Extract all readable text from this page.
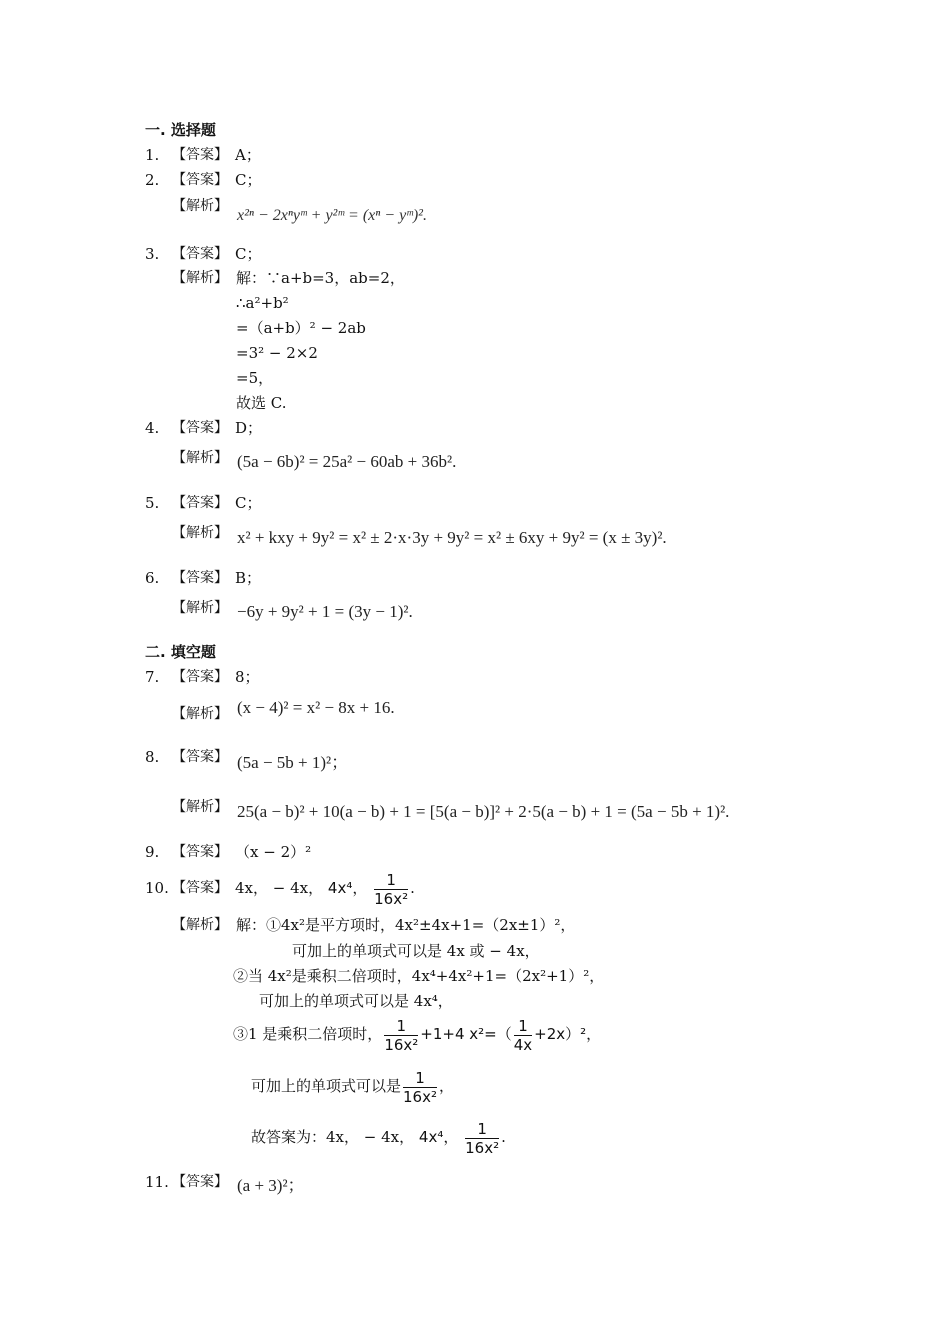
一. 选择题
1. 【答案】 A；
2. 【答案】 C；
【解析】
x²ⁿ − 2xⁿyᵐ + y²ᵐ = (xⁿ − yᵐ)².
3. 【答案】 C；
【解析】 解：∵a+b=3，ab=2，
∴a²+b²
=（a+b）² − 2ab
=3² − 2×2
=5，
故选 C.
4. 【答案】 D；
【解析】 (5a − 6b)² = 25a² − 60ab + 36b².
5. 【答案】 C；
【解析】 x² + kxy + 9y² = x² ± 2·x·3y + 9y² = x² ± 6xy + 9y² = (x ± 3y)².
6. 【答案】 B；
【解析】 −6y + 9y² + 1 = (3y − 1)².
二. 填空题
7. 【答案】 8；
【解析】 (x − 4)² = x² − 8x + 16.
8. 【答案】 (5a − 5b + 1)²；
【解析】 25(a − b)² + 10(a − b) + 1 = [5(a − b)]² + 2·5(a − b) + 1 = (5a − 5b + 1)².
9. 【答案】 （x − 2）²
10. 【答案】 4x， − 4x， 4x⁴， $\frac{1}{\text{16x²}}$ .
【解析】 解：①4x²是平方项时，4x²±4x+1=（2x±1）²，
可加上的单项式可以是 4x 或 − 4x，
②当 4x²是乘积二倍项时，4x⁴+4x²+1=（2x²+1）²，
可加上的单项式可以是 4x⁴，
③1 是乘积二倍项时， $\frac{1}{\text{16x²}} +1+4$ $x^2=( \frac{1}{4x} +2x)^2$，
可加上的单项式可以是 $\frac{1}{\text{16x²}}$ ，
故答案为：4x， − 4x， 4x⁴， $\frac{1}{\text{16x²}}$ .
11. 【答案】 (a + 3)²；
